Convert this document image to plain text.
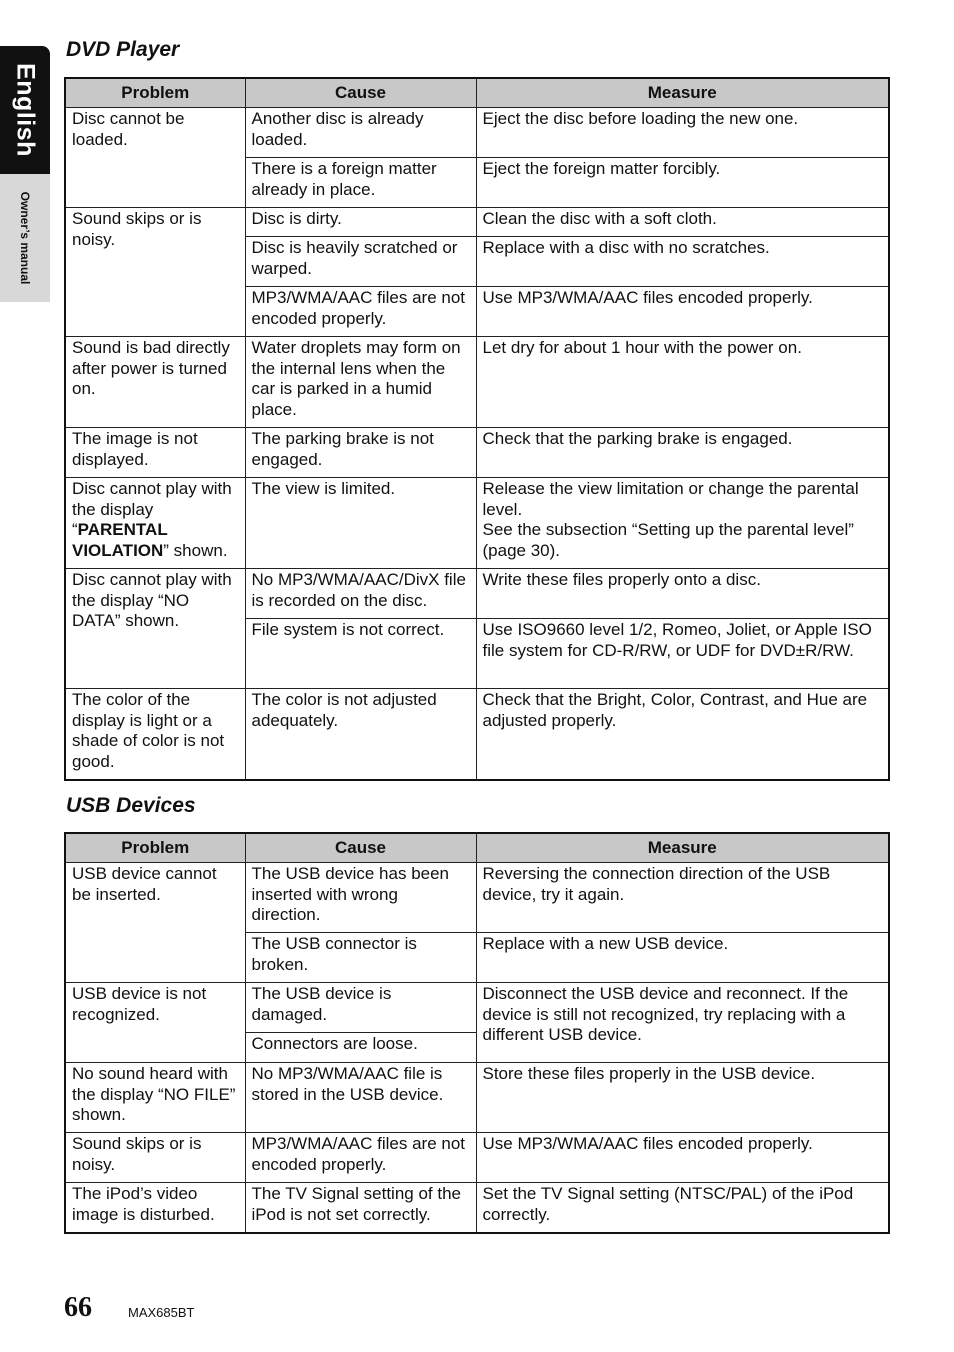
English
Owner’s manual
DVD Player
Problem	Cause	Measure
Disc cannot be loaded.	Another disc is already loaded.	Eject the disc before loading the new one.
	There is a foreign matter already in place.	Eject the foreign matter forcibly.
Sound skips or is noisy.	Disc is dirty.	Clean the disc with a soft cloth.
	Disc is heavily scratched or warped.	Replace with a disc with no scratches.
	MP3/WMA/AAC files are not encoded properly.	Use MP3/WMA/AAC files encoded properly.
Sound is bad directly after power is turned on.	Water droplets may form on the internal lens when the car is parked in a humid place.	Let dry for about 1 hour with the power on.
The image is not displayed.	The parking brake is not engaged.	Check that the parking brake is engaged.
Disc cannot play with the display “PARENTAL VIOLATION” shown.	The view is limited.	Release the view limitation or change the parental level.
See the subsection “Setting up the parental level” (page 30).

Disc cannot play with the display “NO DATA” shown.	No MP3/WMA/AAC/DivX file is recorded on the disc.	Write these files properly onto a disc.
	File system is not correct.	Use ISO9660 level 1/2, Romeo, Joliet, or Apple ISO file system for CD-R/RW, or UDF for DVD±R/RW.
The color of the display is light or a shade of color is not good.	The color is not adjusted adequately.	Check that the Bright, Color, Contrast, and Hue are adjusted properly.
USB Devices
Problem	Cause	Measure
USB device cannot be inserted.	The USB device has been inserted with wrong direction.	Reversing the connection direction of the USB device, try it again.
	The USB connector is broken.	Replace with a new USB device.
USB device is not recognized.	The USB device is damaged.	Disconnect the USB device and reconnect. If the device is still not recognized, try replacing with a different USB device.
	Connectors are loose.	
No sound heard with the display “NO FILE” shown.	No MP3/WMA/AAC file is stored in the USB device.	Store these files properly in the USB device.
Sound skips or is noisy.	MP3/WMA/AAC files are not encoded properly.	Use MP3/WMA/AAC files encoded properly.
The iPod’s video image is disturbed.	The TV Signal setting of the iPod is not set correctly.	Set the TV Signal setting (NTSC/PAL) of the iPod correctly.
66	MAX685BT
